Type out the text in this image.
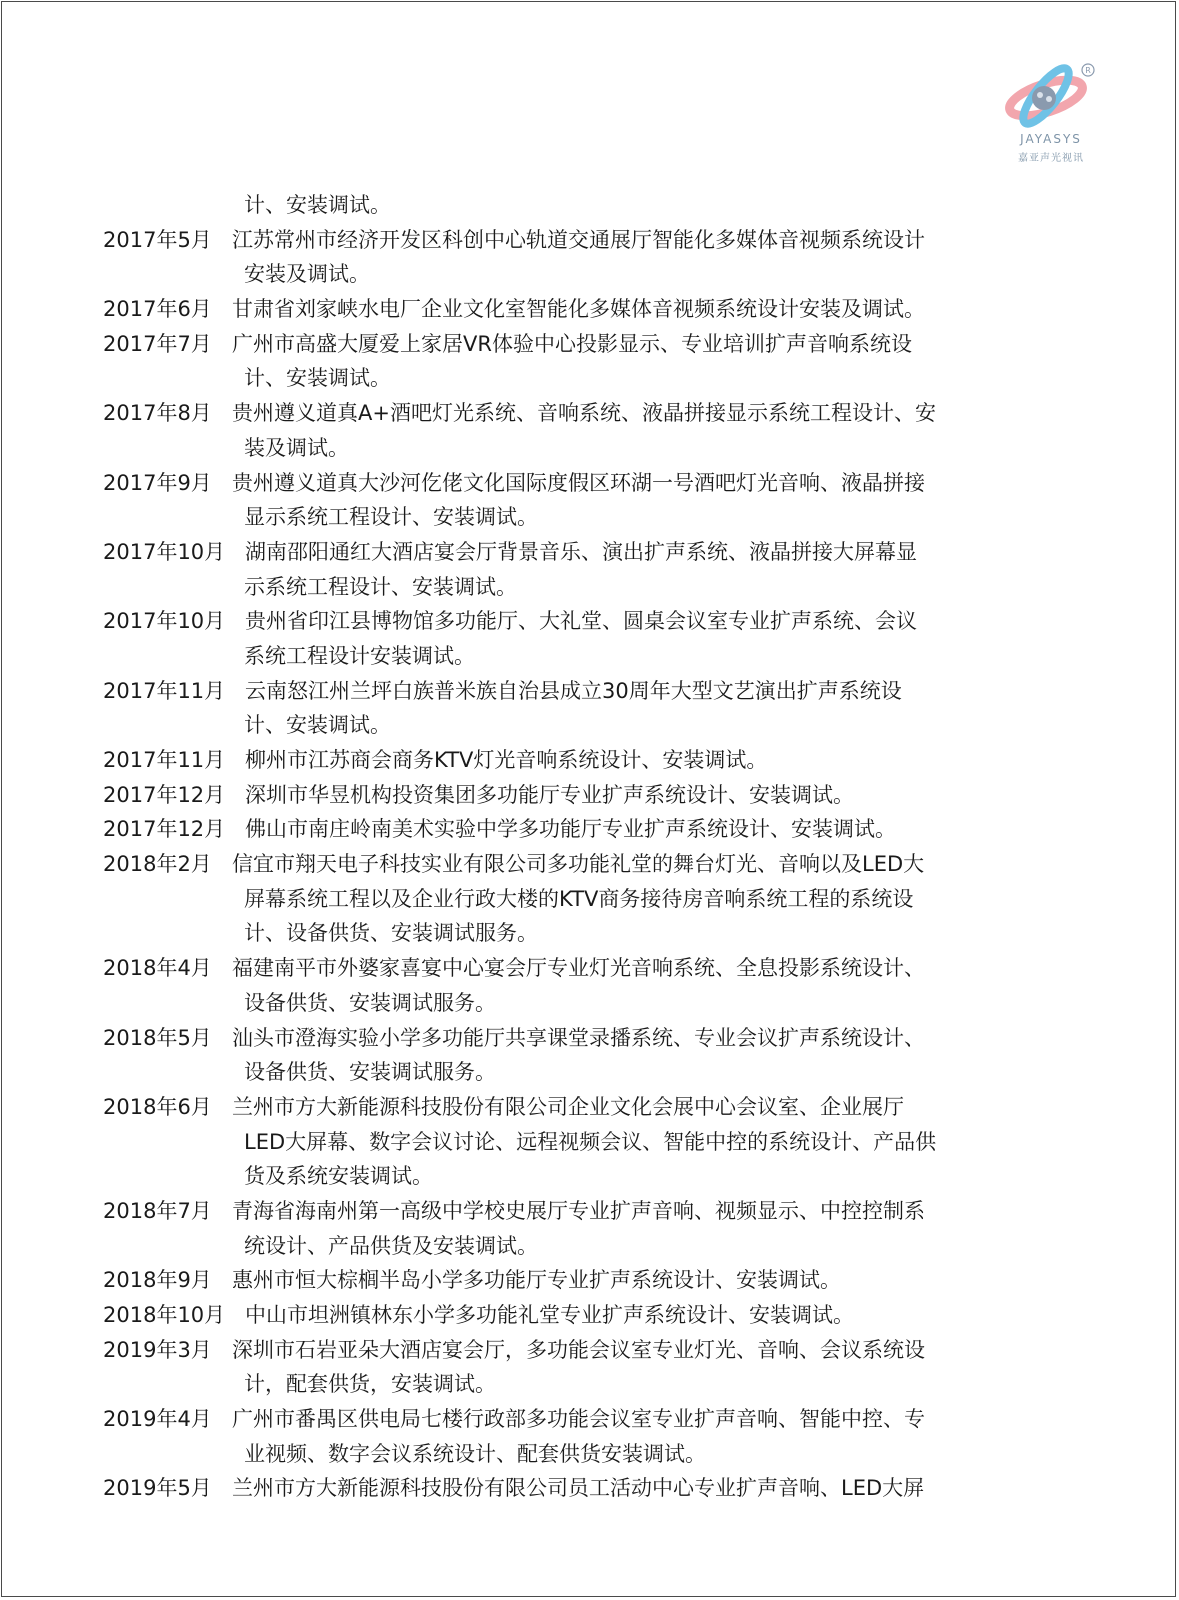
R
JAYASYS
嘉亚声光视讯
计、安装调试。
2017年5月 江苏常州市经济开发区科创中心轨道交通展厅智能化多媒体音视频系统设计
安装及调试。
2017年6月 甘肃省刘家峡水电厂企业文化室智能化多媒体音视频系统设计安装及调试。
2017年7月 广州市高盛大厦爱上家居VR体验中心投影显示、专业培训扩声音响系统设
计、安装调试。
2017年8月 贵州遵义道真A+酒吧灯光系统、音响系统、液晶拼接显示系统工程设计、安
装及调试。
2017年9月 贵州遵义道真大沙河仡佬文化国际度假区环湖一号酒吧灯光音响、液晶拼接
显示系统工程设计、安装调试。
2017年10月 湖南邵阳通红大酒店宴会厅背景音乐、演出扩声系统、液晶拼接大屏幕显
示系统工程设计、安装调试。
2017年10月 贵州省印江县博物馆多功能厅、大礼堂、圆桌会议室专业扩声系统、会议
系统工程设计安装调试。
2017年11月 云南怒江州兰坪白族普米族自治县成立30周年大型文艺演出扩声系统设
计、安装调试。
2017年11月 柳州市江苏商会商务KTV灯光音响系统设计、安装调试。
2017年12月 深圳市华昱机构投资集团多功能厅专业扩声系统设计、安装调试。
2017年12月 佛山市南庄岭南美术实验中学多功能厅专业扩声系统设计、安装调试。
2018年2月 信宜市翔天电子科技实业有限公司多功能礼堂的舞台灯光、音响以及LED大
屏幕系统工程以及企业行政大楼的KTV商务接待房音响系统工程的系统设
计、设备供货、安装调试服务。
2018年4月 福建南平市外婆家喜宴中心宴会厅专业灯光音响系统、全息投影系统设计、
设备供货、安装调试服务。
2018年5月 汕头市澄海实验小学多功能厅共享课堂录播系统、专业会议扩声系统设计、
设备供货、安装调试服务。
2018年6月 兰州市方大新能源科技股份有限公司企业文化会展中心会议室、企业展厅
LED大屏幕、数字会议讨论、远程视频会议、智能中控的系统设计、产品供
货及系统安装调试。
2018年7月 青海省海南州第一高级中学校史展厅专业扩声音响、视频显示、中控控制系
统设计、产品供货及安装调试。
2018年9月 惠州市恒大棕榈半岛小学多功能厅专业扩声系统设计、安装调试。
2018年10月 中山市坦洲镇林东小学多功能礼堂专业扩声系统设计、安装调试。
2019年3月 深圳市石岩亚朵大酒店宴会厅，多功能会议室专业灯光、音响、会议系统设
计，配套供货，安装调试。
2019年4月 广州市番禺区供电局七楼行政部多功能会议室专业扩声音响、智能中控、专
业视频、数字会议系统设计、配套供货安装调试。
2019年5月 兰州市方大新能源科技股份有限公司员工活动中心专业扩声音响、LED大屏
